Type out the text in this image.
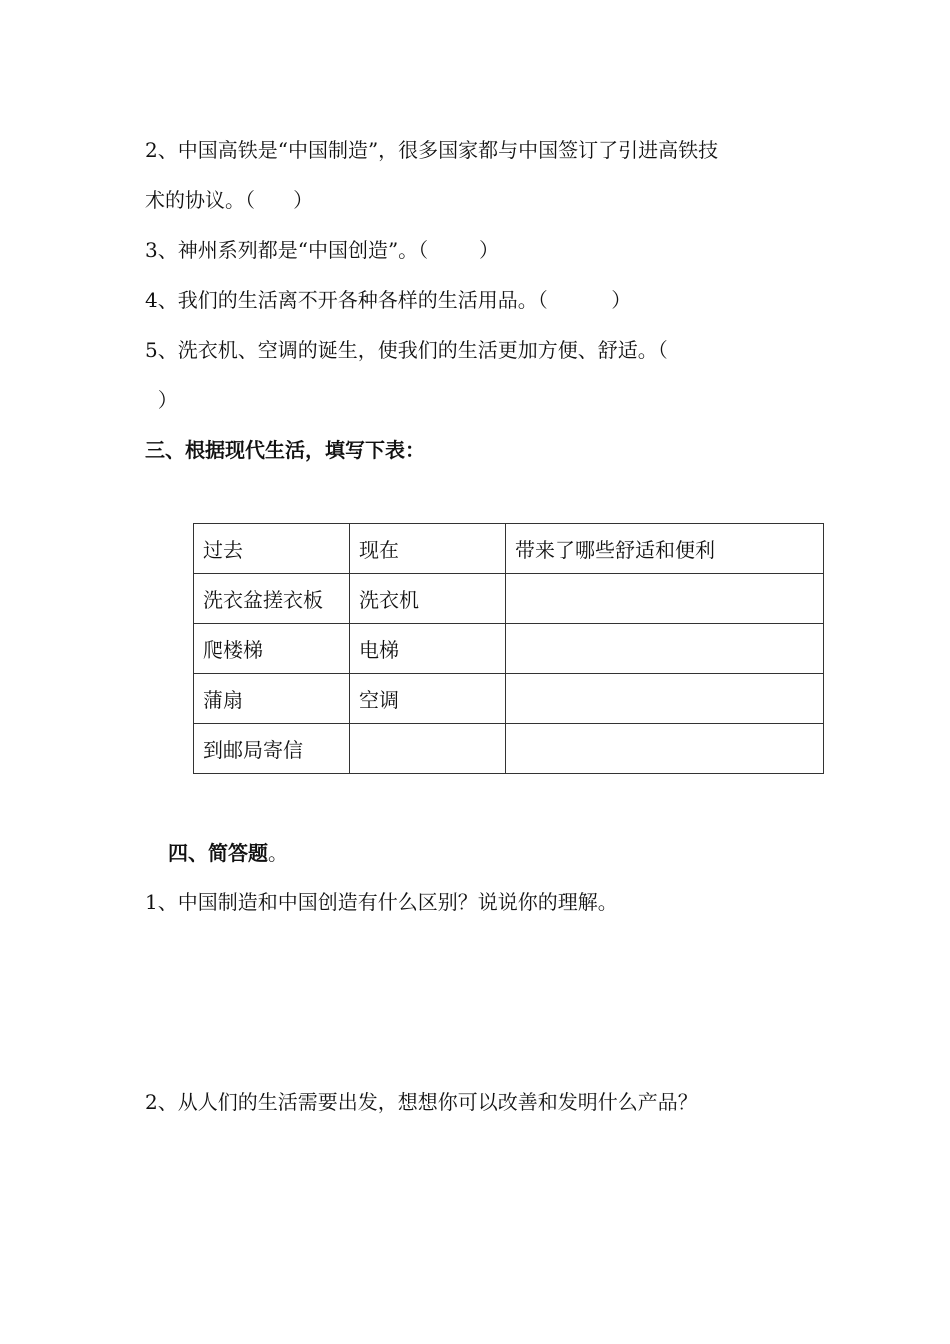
2、中国高铁是“中国制造”，很多国家都与中国签订了引进高铁技
术的协议。（      ）
3、神州系列都是“中国创造”。（        ）
4、我们的生活离不开各种各样的生活用品。（          ）
5、洗衣机、空调的诞生，使我们的生活更加方便、舒适。（
）
三、根据现代生活，填写下表：
过去	现在	带来了哪些舒适和便利
洗衣盆搓衣板	洗衣机	
爬楼梯	电梯	
蒲扇	空调	
到邮局寄信		
四、简答题。
1、中国制造和中国创造有什么区别？说说你的理解。
2、从人们的生活需要出发，想想你可以改善和发明什么产品？
